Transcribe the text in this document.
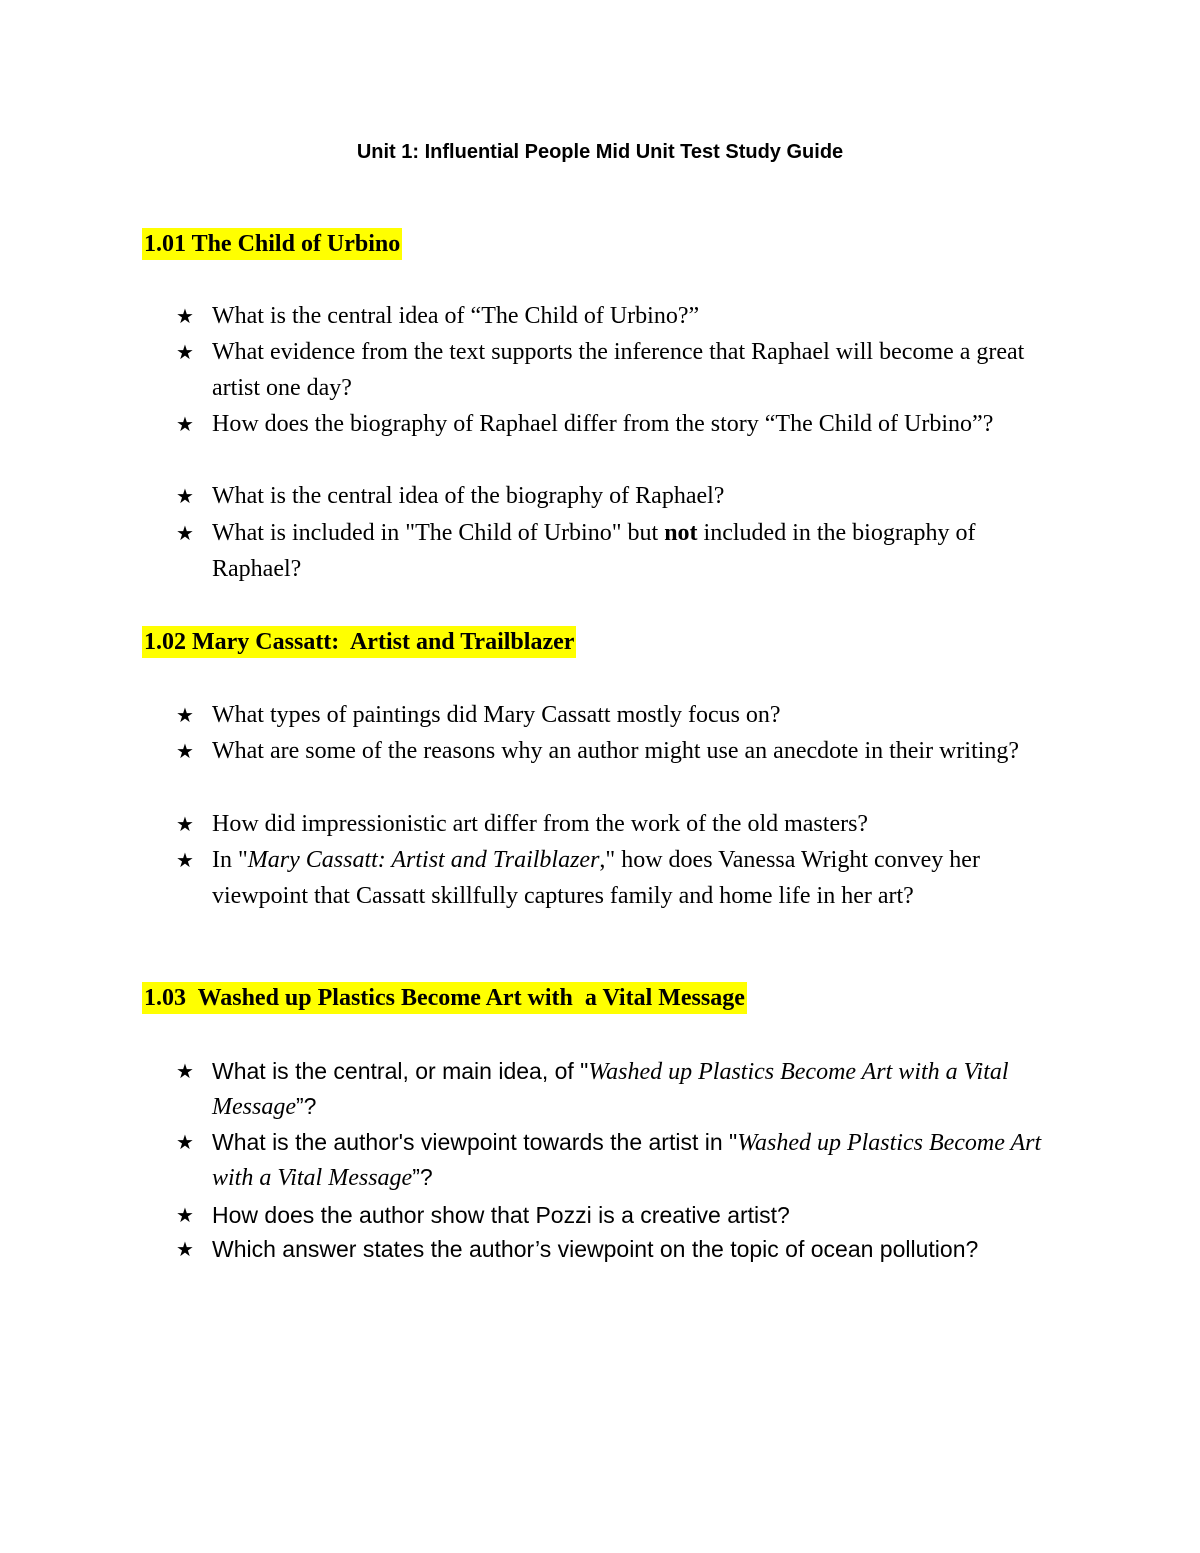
Unit 1: Influential People Mid Unit Test Study Guide
1.01 The Child of Urbino
★ What is the central idea of “The Child of Urbino?”
★ What evidence from the text supports the inference that Raphael will become a great artist one day?
★ How does the biography of Raphael differ from the story “The Child of Urbino”?
★ What is the central idea of the biography of Raphael?
★ What is included in "The Child of Urbino" but not included in the biography of Raphael?
1.02 Mary Cassatt:  Artist and Trailblazer
★ What types of paintings did Mary Cassatt mostly focus on?
★ What are some of the reasons why an author might use an anecdote in their writing?
★ How did impressionistic art differ from the work of the old masters?
★ In "Mary Cassatt: Artist and Trailblazer," how does Vanessa Wright convey her viewpoint that Cassatt skillfully captures family and home life in her art?
1.03  Washed up Plastics Become Art with  a Vital Message
★ What is the central, or main idea, of "Washed up Plastics Become Art with a Vital Message”?
★ What is the author's viewpoint towards the artist in "Washed up Plastics Become Art with a Vital Message”?
★ How does the author show that Pozzi is a creative artist?
★ Which answer states the author’s viewpoint on the topic of ocean pollution?
